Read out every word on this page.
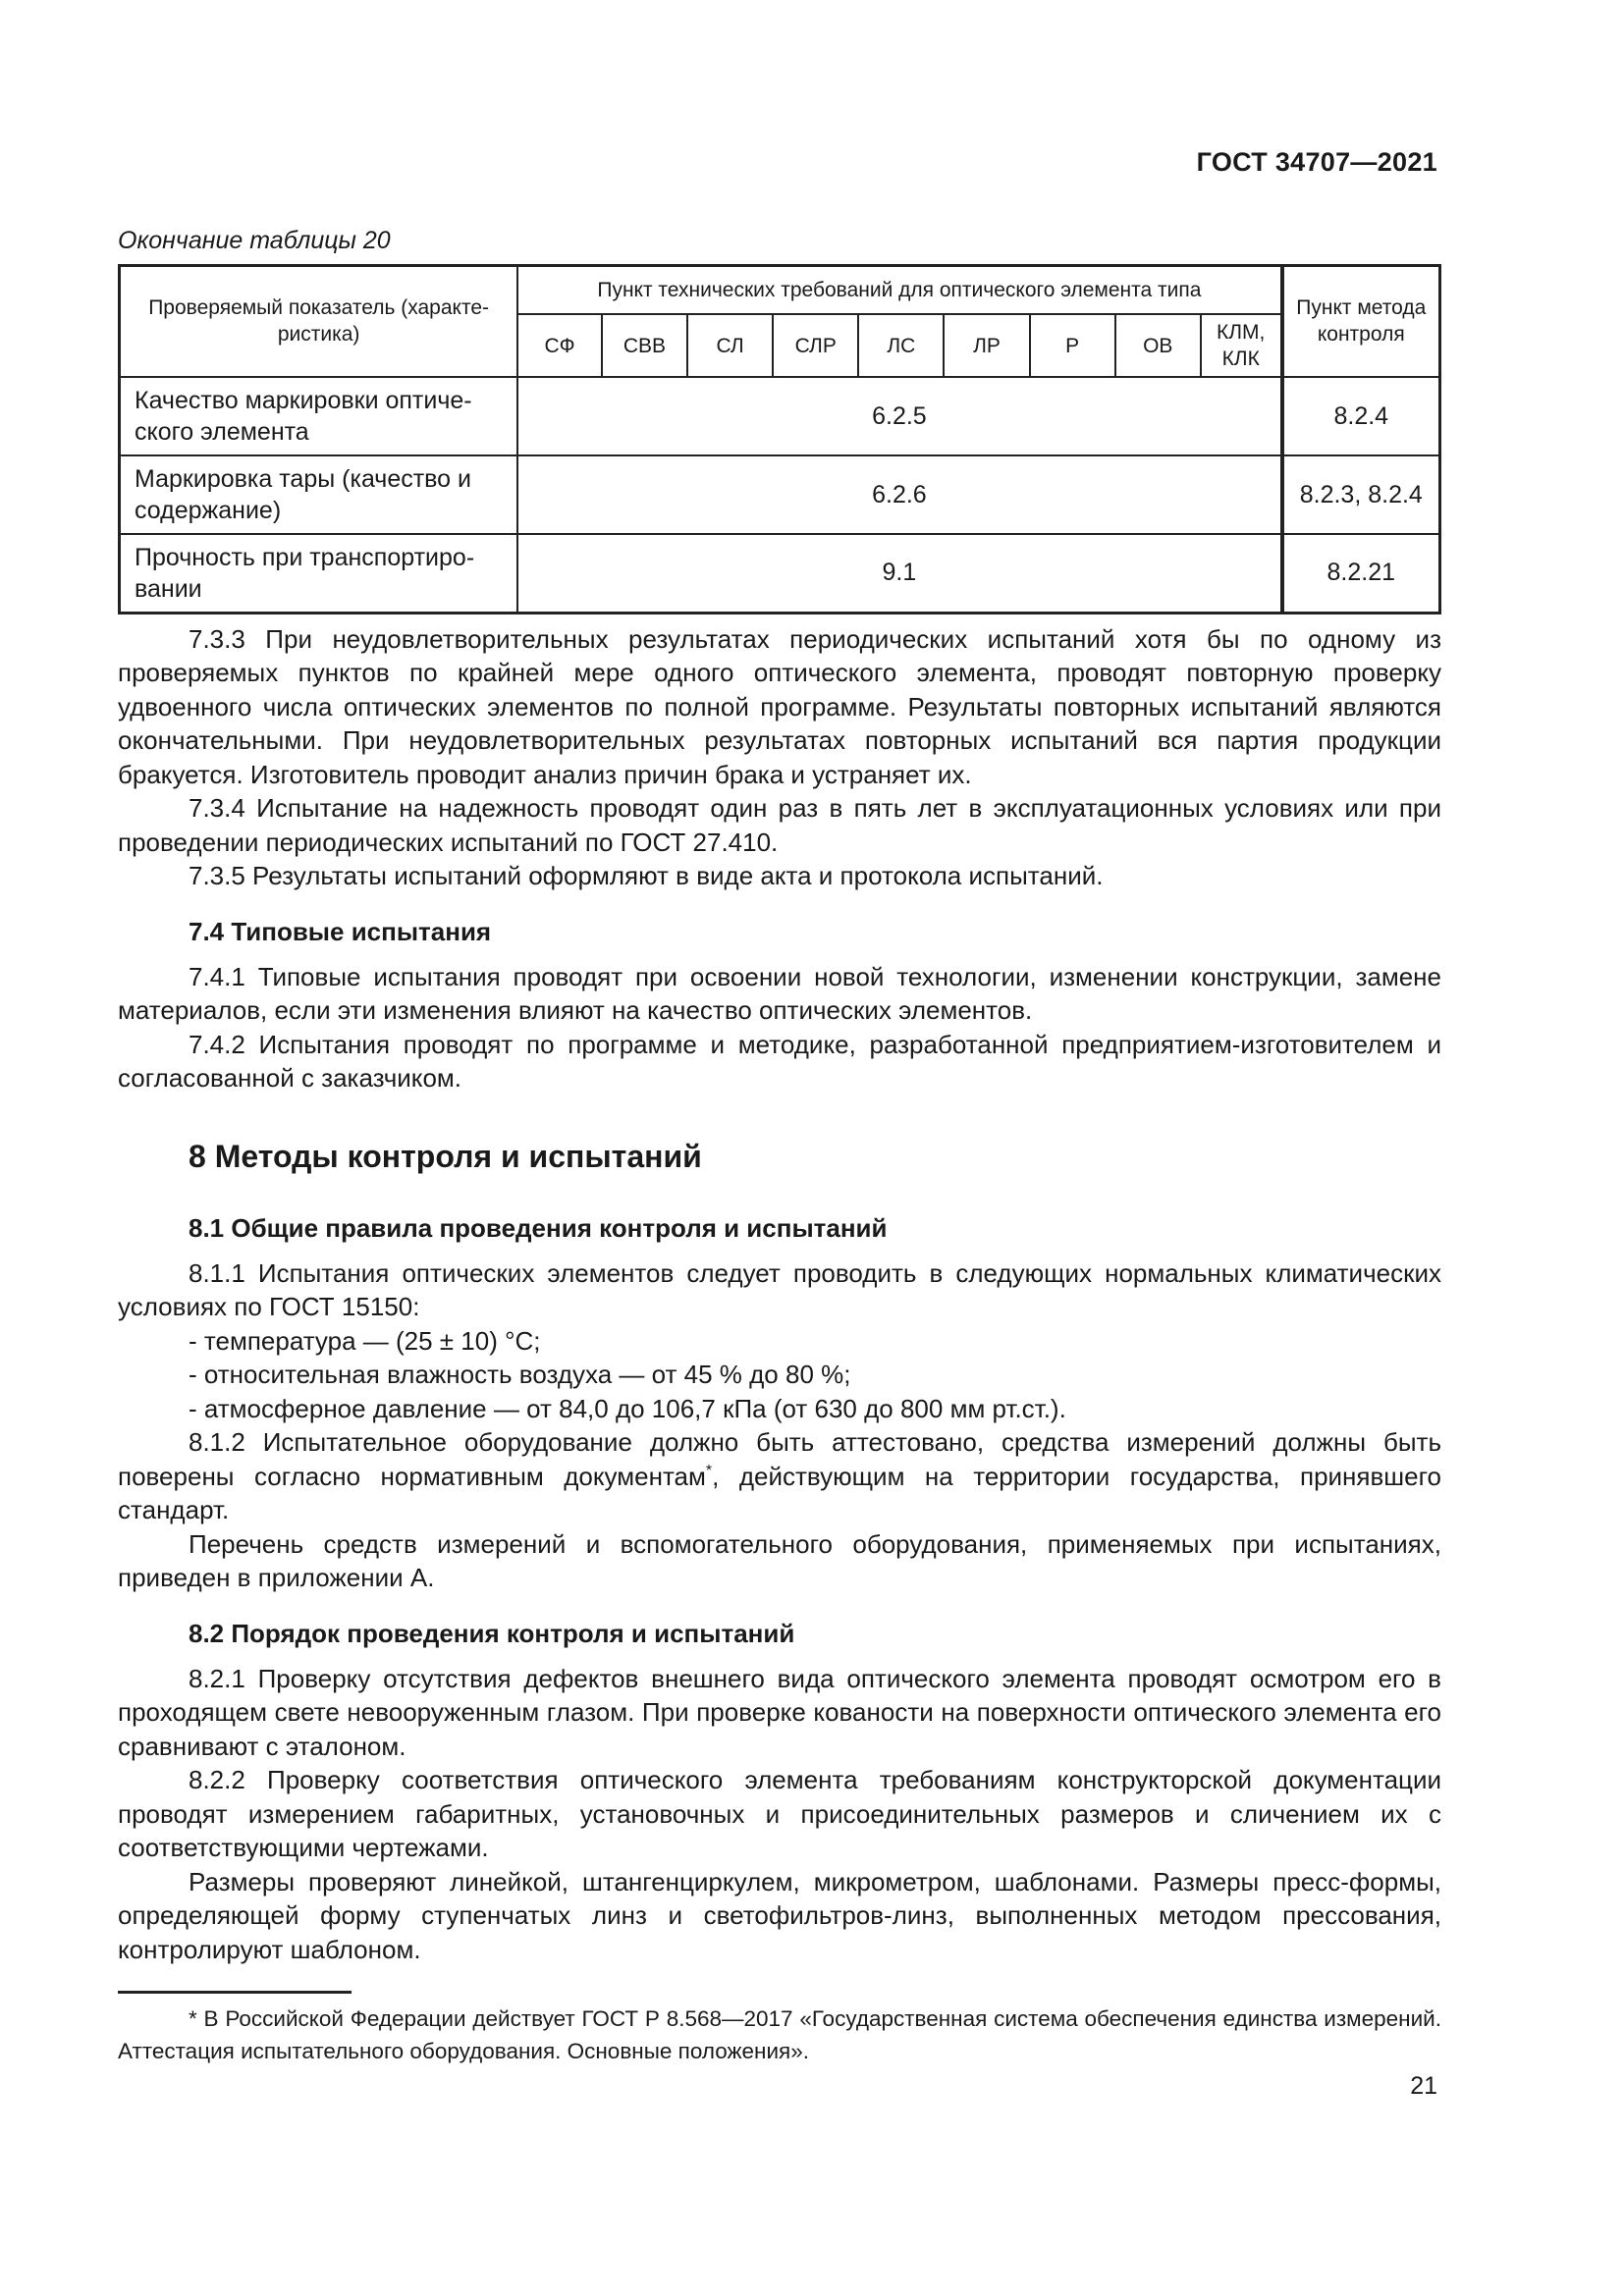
ГОСТ 34707—2021
Окончание таблицы 20
Проверяемый показатель (характе-ристика)	Пункт технических требований для оптического элемента типа									Пункт метода контроля
	СФ	СВВ	СЛ	СЛР	ЛС	ЛР	Р	ОВ	КЛМ, КЛК	
Качество маркировки оптиче-ского элемента	6.2.5									8.2.4
Маркировка тары (качество и содержание)	6.2.6									8.2.3, 8.2.4
Прочность при транспортиро-вании	9.1									8.2.21

7.3.3 При неудовлетворительных результатах периодических испытаний хотя бы по одному из проверяемых пунктов по крайней мере одного оптического элемента, проводят повторную проверку удвоенного числа оптических элементов по полной программе. Результаты повторных испытаний являются окончательными. При неудовлетворительных результатах повторных испытаний вся партия продукции бракуется. Изготовитель проводит анализ причин брака и устраняет их.

7.3.4 Испытание на надежность проводят один раз в пять лет в эксплуатационных условиях или при проведении периодических испытаний по ГОСТ 27.410.

7.3.5 Результаты испытаний оформляют в виде акта и протокола испытаний.

7.4 Типовые испытания

7.4.1 Типовые испытания проводят при освоении новой технологии, изменении конструкции, замене материалов, если эти изменения влияют на качество оптических элементов.

7.4.2 Испытания проводят по программе и методике, разработанной предприятием-изготовителем и согласованной с заказчиком.

8 Методы контроля и испытаний
8.1 Общие правила проведения контроля и испытаний

8.1.1 Испытания оптических элементов следует проводить в следующих нормальных климатических условиях по ГОСТ 15150:

- температура — (25 ± 10) °С;

- относительная влажность воздуха — от 45 % до 80 %;

- атмосферное давление — от 84,0 до 106,7 кПа (от 630 до 800 мм рт.ст.).

8.1.2 Испытательное оборудование должно быть аттестовано, средства измерений должны быть поверены согласно нормативным документам*, действующим на территории государства, принявшего стандарт.

Перечень средств измерений и вспомогательного оборудования, применяемых при испытаниях, приведен в приложении А.

8.2 Порядок проведения контроля и испытаний

8.2.1 Проверку отсутствия дефектов внешнего вида оптического элемента проводят осмотром его в проходящем свете невооруженным глазом. При проверке кованости на поверхности оптического элемента его сравнивают с эталоном.

8.2.2 Проверку соответствия оптического элемента требованиям конструкторской документации проводят измерением габаритных, установочных и присоединительных размеров и сличением их с соответствующими чертежами.

Размеры проверяют линейкой, штангенциркулем, микрометром, шаблонами. Размеры пресс-формы, определяющей форму ступенчатых линз и светофильтров-линз, выполненных методом прессования, контролируют шаблоном.

* В Российской Федерации действует ГОСТ Р 8.568—2017 «Государственная система обеспечения единства измерений. Аттестация испытательного оборудования. Основные положения».

21
